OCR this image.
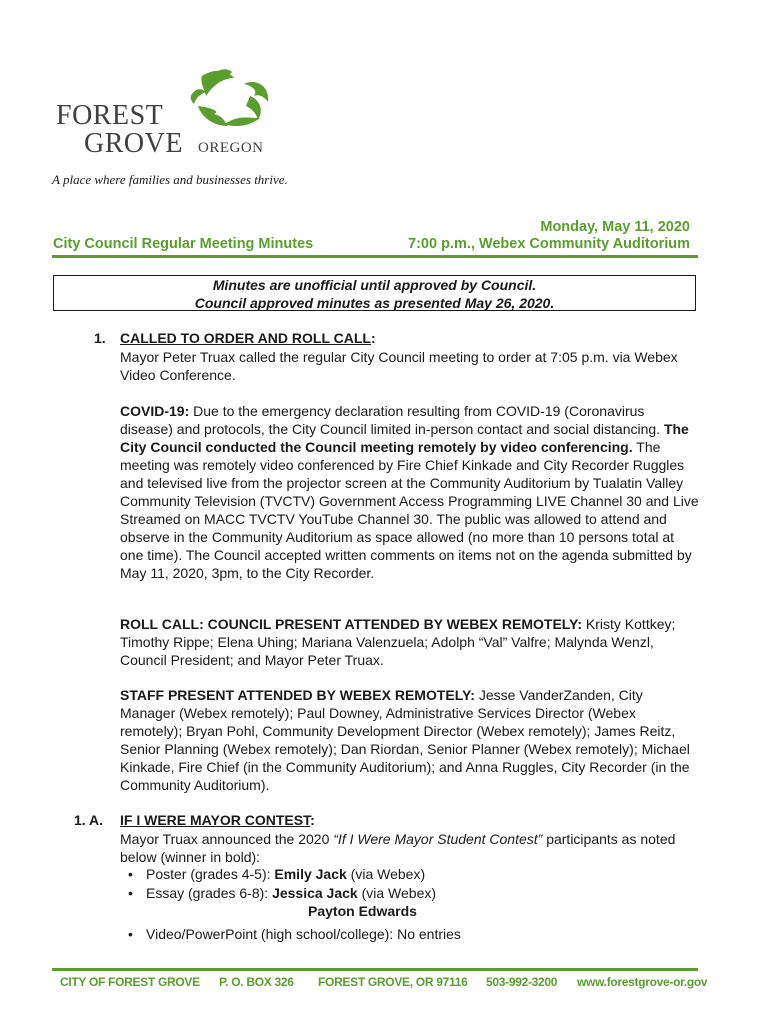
FOREST
GROVE OREGON
A place where families and businesses thrive.
City Council Regular Meeting Minutes
Monday, May 11, 2020
7:00 p.m., Webex Community Auditorium
Minutes are unofficial until approved by Council.
Council approved minutes as presented May 26, 2020.
1. CALLED TO ORDER AND ROLL CALL:

Mayor Peter Truax called the regular City Council meeting to order at 7:05 p.m. via Webex Video Conference.

COVID-19: Due to the emergency declaration resulting from COVID-19 (Coronavirus disease) and protocols, the City Council limited in-person contact and social distancing. The City Council conducted the Council meeting remotely by video conferencing. The meeting was remotely video conferenced by Fire Chief Kinkade and City Recorder Ruggles and televised live from the projector screen at the Community Auditorium by Tualatin Valley Community Television (TVCTV) Government Access Programming LIVE Channel 30 and Live Streamed on MACC TVCTV YouTube Channel 30. The public was allowed to attend and observe in the Community Auditorium as space allowed (no more than 10 persons total at one time). The Council accepted written comments on items not on the agenda submitted by May 11, 2020, 3pm, to the City Recorder.

ROLL CALL: COUNCIL PRESENT ATTENDED BY WEBEX REMOTELY: Kristy Kottkey; Timothy Rippe; Elena Uhing; Mariana Valenzuela; Adolph “Val” Valfre; Malynda Wenzl, Council President; and Mayor Peter Truax.

STAFF PRESENT ATTENDED BY WEBEX REMOTELY: Jesse VanderZanden, City Manager (Webex remotely); Paul Downey, Administrative Services Director (Webex remotely); Bryan Pohl, Community Development Director (Webex remotely); James Reitz, Senior Planning (Webex remotely); Dan Riordan, Senior Planner (Webex remotely); Michael Kinkade, Fire Chief (in the Community Auditorium); and Anna Ruggles, City Recorder (in the Community Auditorium).

1. A. IF I WERE MAYOR CONTEST:

Mayor Truax announced the 2020 “If I Were Mayor Student Contest” participants as noted below (winner in bold):

• Poster (grades 4-5): Emily Jack (via Webex)
• Essay (grades 6-8): Jessica Jack (via Webex)
Payton Edwards
• Video/PowerPoint (high school/college): No entries
CITY OF FOREST GROVE P. O. BOX 326 FOREST GROVE, OR 97116 503-992-3200 www.forestgrove-or.gov
